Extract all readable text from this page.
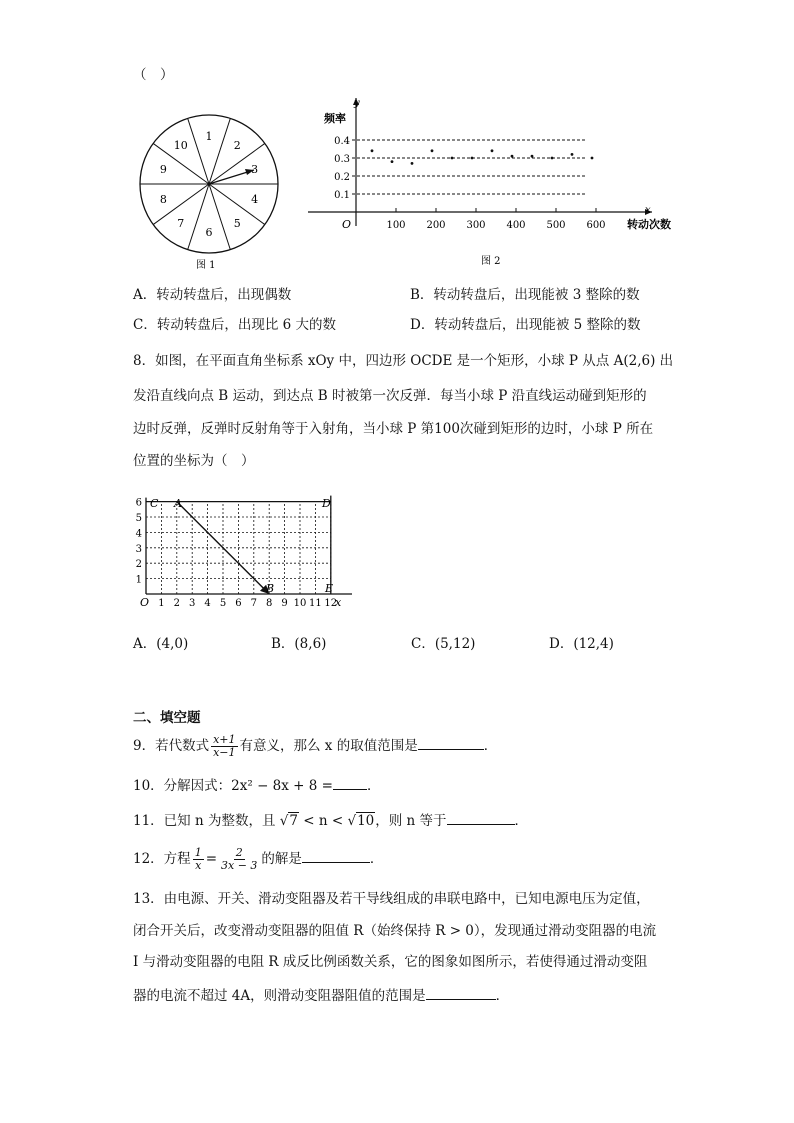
（　）
1
2
3
4
5
6
7
8
9
10
图 1
0.1
0.2
0.3
0.4
100 200 300 400 500 600
y
频率
x
转动次数
O
图 2
A．转动转盘后，出现偶数	B．转动转盘后，出现能被 3 整除的数
C．转动转盘后，出现比 6 大的数	D．转动转盘后，出现能被 5 整除的数
8．如图，在平面直角坐标系 xOy 中，四边形 OCDE 是一个矩形，小球 P 从点 A(2,6) 出
发沿直线向点 B 运动，到达点 B 时被第一次反弹．每当小球 P 沿直线运动碰到矩形的
边时反弹，反弹时反射角等于入射角，当小球 P 第100次碰到矩形的边时，小球 P 所在
位置的坐标为（　）
1 2 3 4 5 6 7 8 9 10 11 12
1
2
3
4
5
6 C A	D
B	E
O	x
A．(4,0)	B．(8,6)	C．(5,12)	D．(12,4)
二、填空题
9．若代数式 $\frac{x+1}{x-1}$ 有意义，那么 x 的取值范围是	．
10．分解因式：2x² − 8x + 8 =	．
11．已知 n 为整数，且 √7 < n < √10，则 n 等于	．
12．方程 $\frac{1}{x} = \frac{2}{3x - 3}$ 的解是	．
13．由电源、开关、滑动变阻器及若干导线组成的串联电路中，已知电源电压为定值，
闭合开关后，改变滑动变阻器的阻值 R（始终保持 R > 0），发现通过滑动变阻器的电流
I 与滑动变阻器的电阻 R 成反比例函数关系，它的图象如图所示，若使得通过滑动变阻
器的电流不超过 4A，则滑动变阻器阻值的范围是	．
